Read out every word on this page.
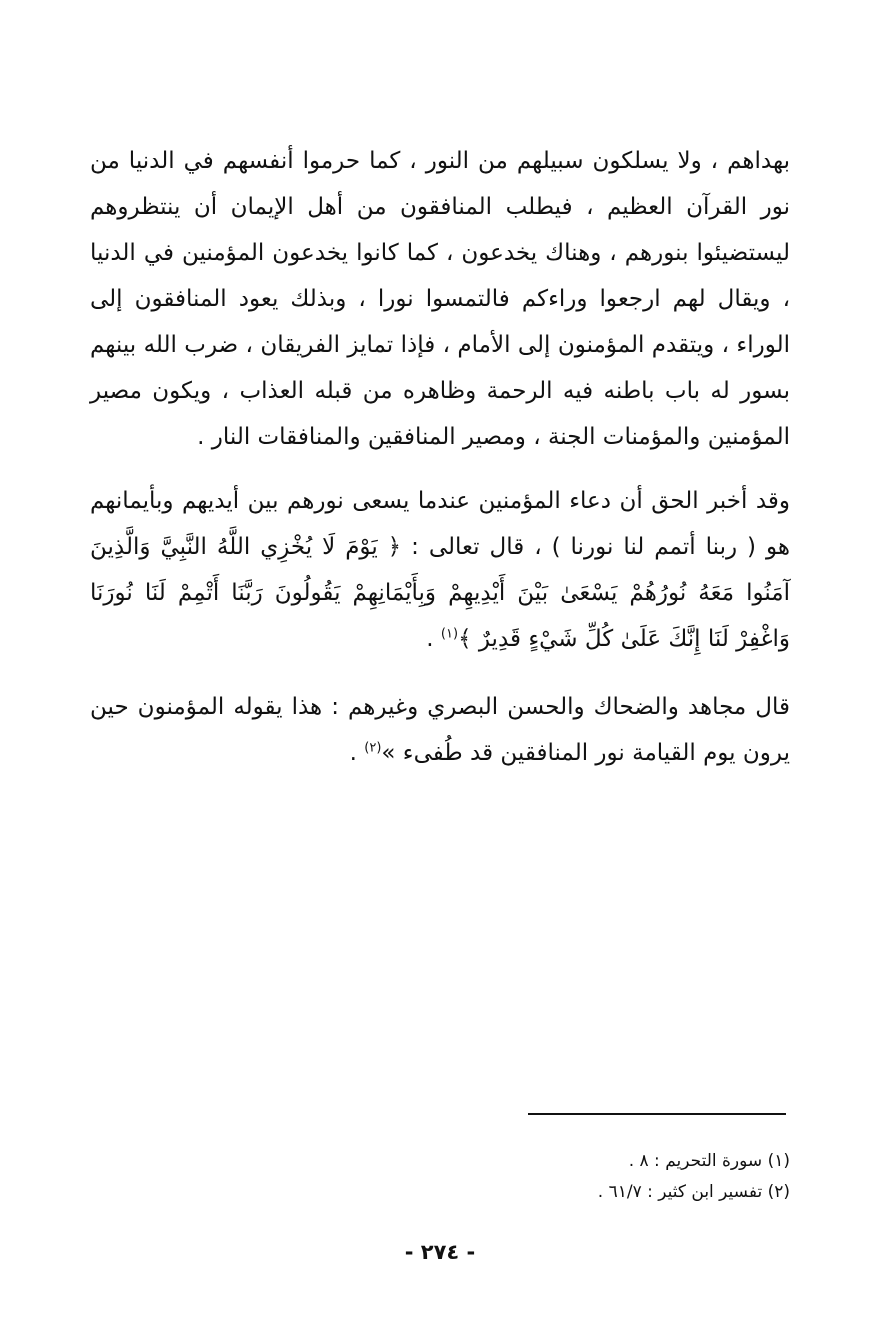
بهداهم ، ولا يسلكون سبيلهم من النور ، كما حرموا أنفسهم في الدنيا من نور القرآن العظيم ، فيطلب المنافقون من أهل الإيمان أن ينتظروهم ليستضيئوا بنورهم ، وهناك يخدعون ، كما كانوا يخدعون المؤمنين في الدنيا ، ويقال لهم ارجعوا وراءكم فالتمسوا نورا ، وبذلك يعود المنافقون إلى الوراء ، ويتقدم المؤمنون إلى الأمام ، فإذا تمايز الفريقان ، ضرب الله بينهم بسور له باب باطنه فيه الرحمة وظاهره من قبله العذاب ، ويكون مصير المؤمنين والمؤمنات الجنة ، ومصير المنافقين والمنافقات النار .

وقد أخبر الحق أن دعاء المؤمنين عندما يسعى نورهم بين أيديهم وبأيمانهم هو ( ربنا أتمم لنا نورنا ) ، قال تعالى : ﴿ يَوْمَ لَا يُخْزِي اللَّهُ النَّبِيَّ وَالَّذِينَ آمَنُوا مَعَهُ نُورُهُمْ يَسْعَىٰ بَيْنَ أَيْدِيهِمْ وَبِأَيْمَانِهِمْ يَقُولُونَ رَبَّنَا أَتْمِمْ لَنَا نُورَنَا وَاغْفِرْ لَنَا إِنَّكَ عَلَىٰ كُلِّ شَيْءٍ قَدِيرٌ ﴾$^{(١)}$ .

قال مجاهد والضحاك والحسن البصري وغيرهم : هذا يقوله المؤمنون حين يرون يوم القيامة نور المنافقين قد طُفىء »$^{(٢)}$ .

(١) سورة التحريم : ٨ .
(٢) تفسير ابن كثير : ٦١/٧ .
- ٢٧٤ -
